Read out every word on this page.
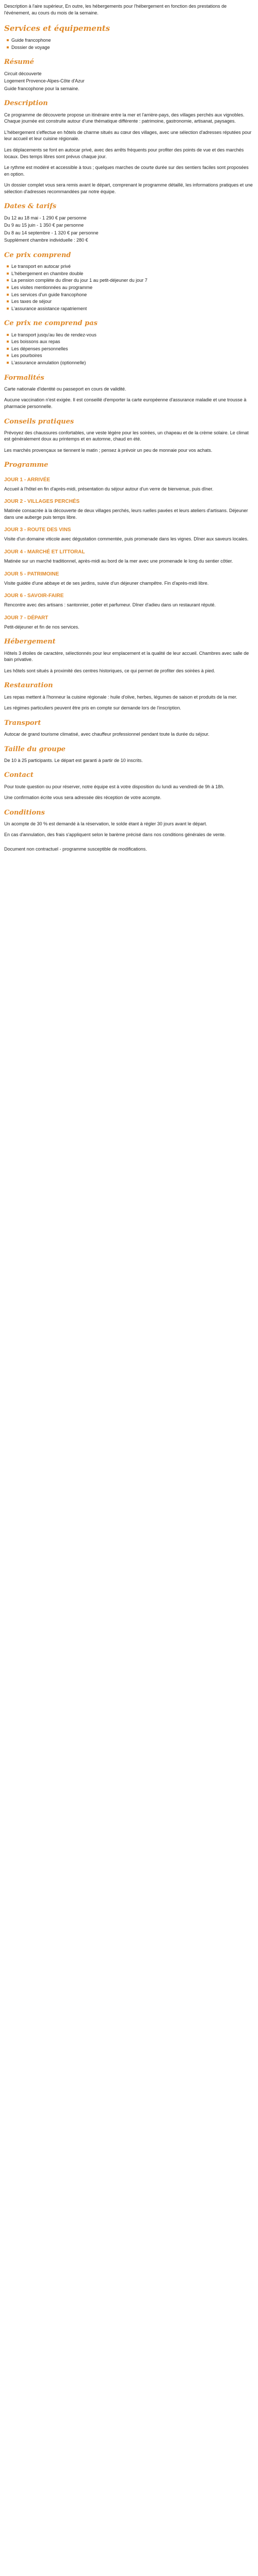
Description à l'aire supérieur, En outre, les hébergements pour l'hébergement en fonction des prestations de l'événement, au cours du mois de la semaine.

Services et équipements
Guide francophone
Dossier de voyage
Résumé

Circuit découverte

Logement Provence-Alpes-Côte d'Azur

Guide francophone pour la semaine.

Description

Ce programme de découverte propose un itinéraire entre la mer et l'arrière-pays, des villages perchés aux vignobles. Chaque journée est construite autour d'une thématique différente : patrimoine, gastronomie, artisanat, paysages.

L'hébergement s'effectue en hôtels de charme situés au cœur des villages, avec une sélection d'adresses réputées pour leur accueil et leur cuisine régionale.

Les déplacements se font en autocar privé, avec des arrêts fréquents pour profiter des points de vue et des marchés locaux. Des temps libres sont prévus chaque jour.

Le rythme est modéré et accessible à tous ; quelques marches de courte durée sur des sentiers faciles sont proposées en option.

Un dossier complet vous sera remis avant le départ, comprenant le programme détaillé, les informations pratiques et une sélection d'adresses recommandées par notre équipe.

Dates & tarifs

Du 12 au 18 mai - 1 290 € par personne

Du 9 au 15 juin - 1 350 € par personne

Du 8 au 14 septembre - 1 320 € par personne

Supplément chambre individuelle : 280 €

Ce prix comprend
Le transport en autocar privé
L'hébergement en chambre double
La pension complète du dîner du jour 1 au petit-déjeuner du jour 7
Les visites mentionnées au programme
Les services d'un guide francophone
Les taxes de séjour
L'assurance assistance rapatriement
Ce prix ne comprend pas
Le transport jusqu'au lieu de rendez-vous
Les boissons aux repas
Les dépenses personnelles
Les pourboires
L'assurance annulation (optionnelle)
Formalités

Carte nationale d'identité ou passeport en cours de validité.

Aucune vaccination n'est exigée. Il est conseillé d'emporter la carte européenne d'assurance maladie et une trousse à pharmacie personnelle.

Conseils pratiques

Prévoyez des chaussures confortables, une veste légère pour les soirées, un chapeau et de la crème solaire. Le climat est généralement doux au printemps et en automne, chaud en été.

Les marchés provençaux se tiennent le matin ; pensez à prévoir un peu de monnaie pour vos achats.

Programme
JOUR 1 - ARRIVÉE

Accueil à l'hôtel en fin d'après-midi, présentation du séjour autour d'un verre de bienvenue, puis dîner.

JOUR 2 - VILLAGES PERCHÉS

Matinée consacrée à la découverte de deux villages perchés, leurs ruelles pavées et leurs ateliers d'artisans. Déjeuner dans une auberge puis temps libre.

JOUR 3 - ROUTE DES VINS

Visite d'un domaine viticole avec dégustation commentée, puis promenade dans les vignes. Dîner aux saveurs locales.

JOUR 4 - MARCHÉ ET LITTORAL

Matinée sur un marché traditionnel, après-midi au bord de la mer avec une promenade le long du sentier côtier.

JOUR 5 - PATRIMOINE

Visite guidée d'une abbaye et de ses jardins, suivie d'un déjeuner champêtre. Fin d'après-midi libre.

JOUR 6 - SAVOIR-FAIRE

Rencontre avec des artisans : santonnier, potier et parfumeur. Dîner d'adieu dans un restaurant réputé.

JOUR 7 - DÉPART

Petit-déjeuner et fin de nos services.

Hébergement

Hôtels 3 étoiles de caractère, sélectionnés pour leur emplacement et la qualité de leur accueil. Chambres avec salle de bain privative.

Les hôtels sont situés à proximité des centres historiques, ce qui permet de profiter des soirées à pied.

Restauration

Les repas mettent à l'honneur la cuisine régionale : huile d'olive, herbes, légumes de saison et produits de la mer.

Les régimes particuliers peuvent être pris en compte sur demande lors de l'inscription.

Transport

Autocar de grand tourisme climatisé, avec chauffeur professionnel pendant toute la durée du séjour.

Taille du groupe

De 10 à 25 participants. Le départ est garanti à partir de 10 inscrits.

Contact

Pour toute question ou pour réserver, notre équipe est à votre disposition du lundi au vendredi de 9h à 18h.

Une confirmation écrite vous sera adressée dès réception de votre acompte.

Conditions

Un acompte de 30 % est demandé à la réservation, le solde étant à régler 30 jours avant le départ.

En cas d'annulation, des frais s'appliquent selon le barème précisé dans nos conditions générales de vente.

Document non contractuel - programme susceptible de modifications.
